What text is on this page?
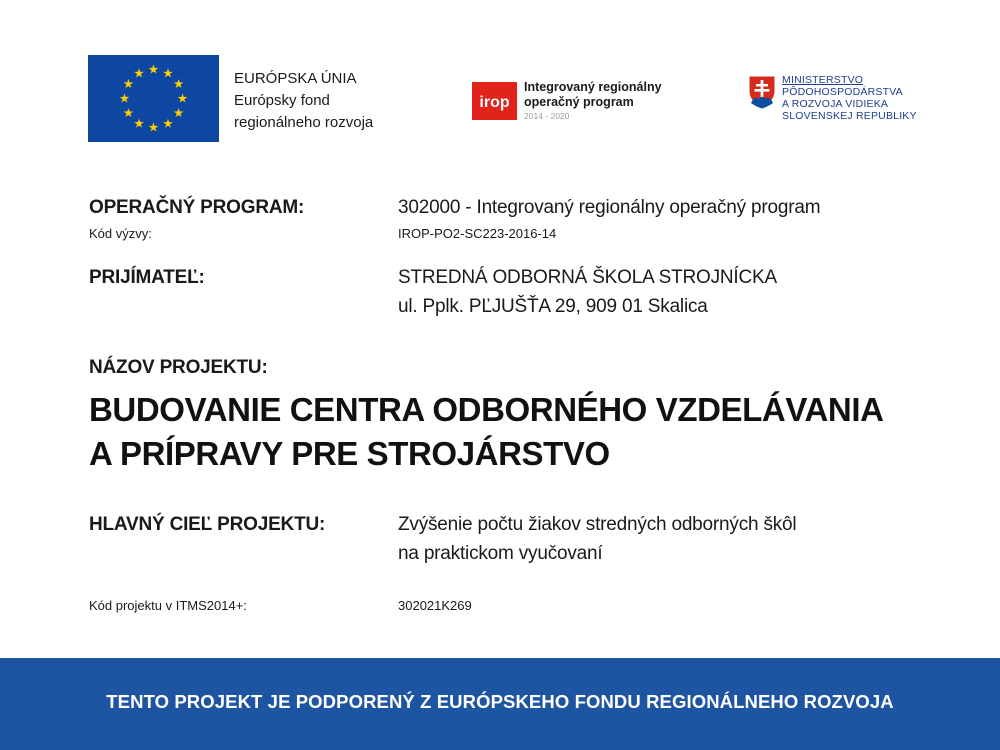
EURÓPSKA ÚNIA
Európsky fond
regionálneho rozvoja
irop
Integrovaný regionálny
operačný program
2014 - 2020
MINISTERSTVO
PÔDOHOSPODÁRSTVA
A ROZVOJA VIDIEKA
SLOVENSKEJ REPUBLIKY
OPERAČNÝ PROGRAM:	302000 - Integrovaný regionálny operačný program
Kód výzvy:	IROP-PO2-SC223-2016-14
PRIJÍMATEĽ:	STREDNÁ ODBORNÁ ŠKOLA STROJNÍCKA
ul. Pplk. PĽJUŠŤA 29, 909 01 Skalica
NÁZOV PROJEKTU:
BUDOVANIE CENTRA ODBORNÉHO VZDELÁVANIA
A PRÍPRAVY PRE STROJÁRSTVO
HLAVNÝ CIEĽ PROJEKTU:	Zvýšenie počtu žiakov stredných odborných škôl
na praktickom vyučovaní
Kód projektu v ITMS2014+:	302021K269
TENTO PROJEKT JE PODPORENÝ Z EURÓPSKEHO FONDU REGIONÁLNEHO ROZVOJA
